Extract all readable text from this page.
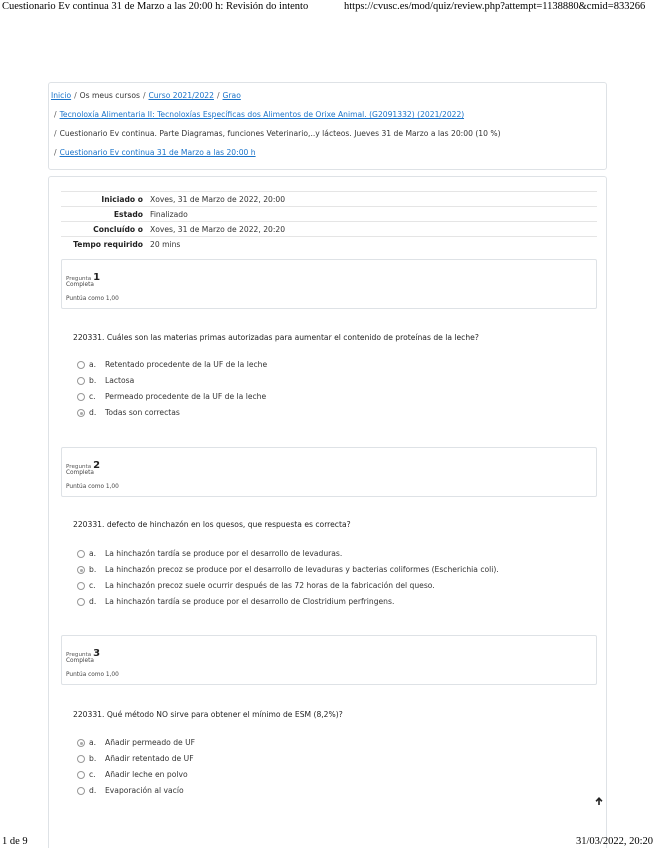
Cuestionario Ev continua 31 de Marzo a las 20:00 h: Revisión do intento	https://cvusc.es/mod/quiz/review.php?attempt=1138880&cmid=833266
Inicio / Os meus cursos / Curso 2021/2022 / Grao
/ Tecnoloxía Alimentaria II: Tecnoloxías Específicas dos Alimentos de Orixe Animal. (G2091332) (2021/2022)
/ Cuestionario Ev continua. Parte Diagramas, funciones Veterinario,..y lácteos. Jueves 31 de Marzo a las 20:00 (10 %)
/ Cuestionario Ev continua 31 de Marzo a las 20:00 h
Iniciado o Xoves, 31 de Marzo de 2022, 20:00
Estado Finalizado
Concluído o Xoves, 31 de Marzo de 2022, 20:20
Tempo requirido 20 mins
Pregunta 1
Completa
Puntúa como 1,00
220331. Cuáles son las materias primas autorizadas para aumentar el contenido de proteínas de la leche?
a. Retentado procedente de la UF de la leche
b. Lactosa
c. Permeado procedente de la UF de la leche
d. Todas son correctas
Pregunta 2
Completa
Puntúa como 1,00
220331. defecto de hinchazón en los quesos, que respuesta es correcta?
a. La hinchazón tardía se produce por el desarrollo de levaduras.
b. La hinchazón precoz se produce por el desarrollo de levaduras y bacterias coliformes (Escherichia coli).
c. La hinchazón precoz suele ocurrir después de las 72 horas de la fabricación del queso.
d. La hinchazón tardía se produce por el desarrollo de Clostridium perfringens.
Pregunta 3
Completa
Puntúa como 1,00
220331. Qué método NO sirve para obtener el mínimo de ESM (8,2%)?
a. Añadir permeado de UF
b. Añadir retentado de UF
c. Añadir leche en polvo
d. Evaporación al vacío
1 de 9	31/03/2022, 20:20
